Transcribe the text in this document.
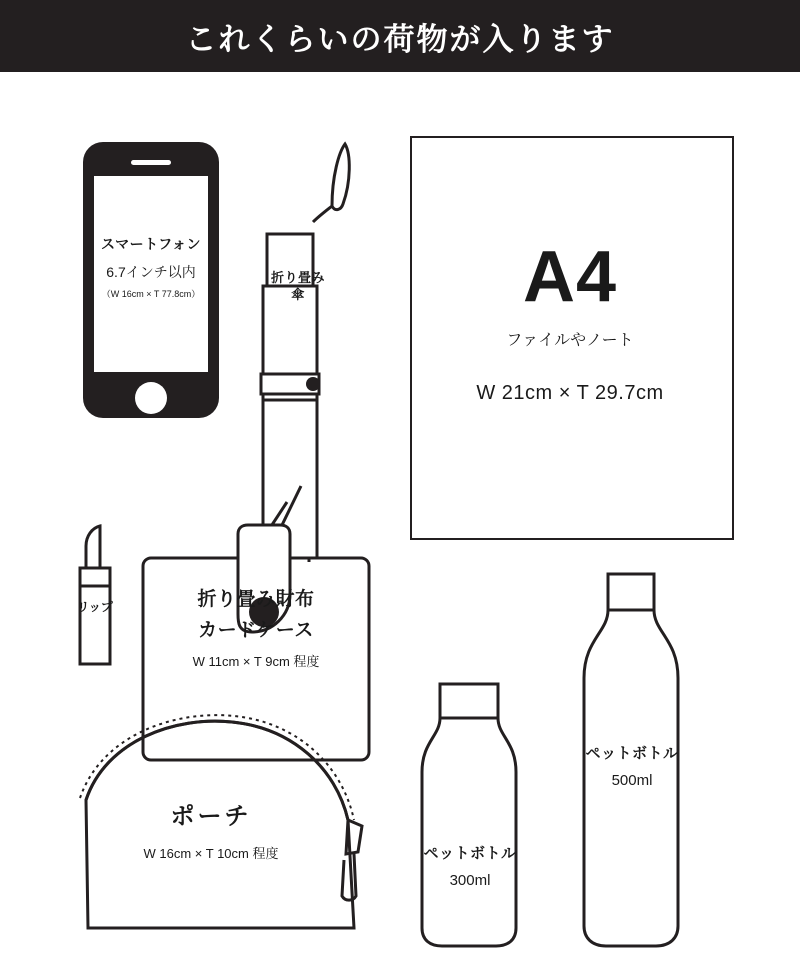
これくらいの荷物が入ります
スマートフォン
6.7インチ以内
（W 16cm × T 77.8cm）
折り畳み傘	A4
ファイルやノート
W 21cm × T 29.7cm
リップ	折り畳み財布
カードケース
W 11cm × T 9cm 程度
ポーチ
W 16cm × T 10cm 程度	ペットボトル
300ml
ペットボトル
500ml
